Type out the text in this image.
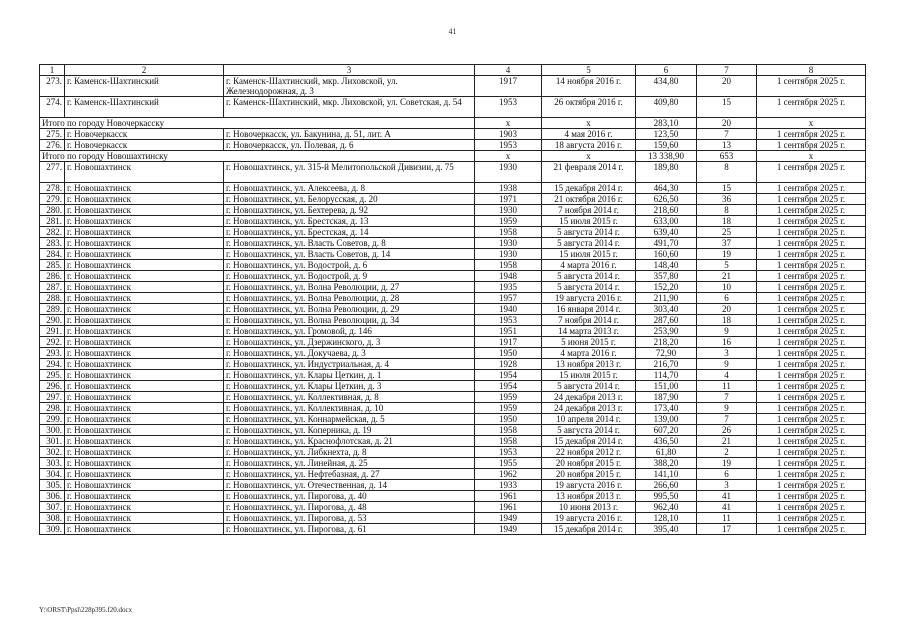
41
1	2	3	4	5	6	7	8
273.	г. Каменск-Шахтинский	г. Каменск-Шахтинский, мкр. Лиховской, ул. Железнодорожная, д. 3	1917	14 ноября 2016 г.	434,80	20	1 сентября 2025 г.
274.	г. Каменск-Шахтинский	г. Каменск-Шахтинский, мкр. Лиховской, ул. Советская, д. 54	1953	26 октября 2016 г.	409,80	15	1 сентября 2025 г.
Итого по городу Новочеркасску			х	х	283,10	20	х
275.	г. Новочеркасск	г. Новочеркасск, ул. Бакунина, д. 51, лит. А	1903	4 мая 2016 г.	123,50	7	1 сентября 2025 г.
276.	г. Новочеркасск	г. Новочеркасск, ул. Полевая, д. 6	1953	18 августа 2016 г.	159,60	13	1 сентября 2025 г.
Итого по городу Новошахтинску			х	х	13 338,90	653	х
277.	г. Новошахтинск	г. Новошахтинск, ул. 315-й Мелитопольской Дивизии, д. 75	1930	21 февраля 2014 г.	189,80	8	1 сентября 2025 г.
278.	г. Новошахтинск	г. Новошахтинск, ул. Алексеева, д. 8	1938	15 декабря 2014 г.	464,30	15	1 сентября 2025 г.
279.	г. Новошахтинск	г. Новошахтинск, ул. Белорусская, д. 20	1971	21 октября 2016 г.	626,50	36	1 сентября 2025 г.
280.	г. Новошахтинск	г. Новошахтинск, ул. Бехтерева, д. 92	1930	7 ноября 2014 г.	218,60	8	1 сентября 2025 г.
281.	г. Новошахтинск	г. Новошахтинск, ул. Брестская, д. 13	1959	15 июля 2015 г.	633,00	18	1 сентября 2025 г.
282.	г. Новошахтинск	г. Новошахтинск, ул. Брестская, д. 14	1958	5 августа 2014 г.	639,40	25	1 сентября 2025 г.
283.	г. Новошахтинск	г. Новошахтинск, ул. Власть Советов, д. 8	1930	5 августа 2014 г.	491,70	37	1 сентября 2025 г.
284.	г. Новошахтинск	г. Новошахтинск, ул. Власть Советов, д. 14	1930	15 июля 2015 г.	160,60	19	1 сентября 2025 г.
285.	г. Новошахтинск	г. Новошахтинск, ул. Водострой, д. 6	1958	4 марта 2016 г.	148,40	5	1 сентября 2025 г.
286.	г. Новошахтинск	г. Новошахтинск, ул. Водострой, д. 9	1948	5 августа 2014 г.	357,80	21	1 сентября 2025 г.
287.	г. Новошахтинск	г. Новошахтинск, ул. Волна Революции, д. 27	1935	5 августа 2014 г.	152,20	10	1 сентября 2025 г.
288.	г. Новошахтинск	г. Новошахтинск, ул. Волна Революции, д. 28	1957	19 августа 2016 г.	211,90	6	1 сентября 2025 г.
289.	г. Новошахтинск	г. Новошахтинск, ул. Волна Революции, д. 29	1940	16 января 2014 г.	303,40	20	1 сентября 2025 г.
290.	г. Новошахтинск	г. Новошахтинск, ул. Волна Революции, д. 34	1953	7 ноября 2014 г.	287,60	18	1 сентября 2025 г.
291.	г. Новошахтинск	г. Новошахтинск, ул. Громовой, д. 146	1951	14 марта 2013 г.	253,90	9	1 сентября 2025 г.
292.	г. Новошахтинск	г. Новошахтинск, ул. Дзержинского, д. 3	1917	5 июня 2015 г.	218,20	16	1 сентября 2025 г.
293.	г. Новошахтинск	г. Новошахтинск, ул. Докучаева, д. 3	1950	4 марта 2016 г.	72,90	3	1 сентября 2025 г.
294.	г. Новошахтинск	г. Новошахтинск, ул. Индустриальная, д. 4	1928	13 ноября 2013 г.	216,70	9	1 сентября 2025 г.
295.	г. Новошахтинск	г. Новошахтинск, ул. Клары Цеткин, д. 1	1954	15 июля 2015 г.	114,70	4	1 сентября 2025 г.
296.	г. Новошахтинск	г. Новошахтинск, ул. Клары Цеткин, д. 3	1954	5 августа 2014 г.	151,00	11	1 сентября 2025 г.
297.	г. Новошахтинск	г. Новошахтинск, ул. Коллективная, д. 8	1959	24 декабря 2013 г.	187,90	7	1 сентября 2025 г.
298.	г. Новошахтинск	г. Новошахтинск, ул. Коллективная, д. 10	1959	24 декабря 2013 г.	173,40	9	1 сентября 2025 г.
299.	г. Новошахтинск	г. Новошахтинск, ул. Коннармейская, д. 5	1950	10 апреля 2014 г.	139,00	7	1 сентября 2025 г.
300.	г. Новошахтинск	г. Новошахтинск, ул. Коперника, д. 19	1958	5 августа 2014 г.	607,20	26	1 сентября 2025 г.
301.	г. Новошахтинск	г. Новошахтинск, ул. Краснофлотская, д. 21	1958	15 декабря 2014 г.	436,50	21	1 сентября 2025 г.
302.	г. Новошахтинск	г. Новошахтинск, ул. Либкнехта, д. 8	1953	22 ноября 2012 г.	61,80	2	1 сентября 2025 г.
303.	г. Новошахтинск	г. Новошахтинск, ул. Линейная, д. 25	1955	20 ноября 2015 г.	388,20	19	1 сентября 2025 г.
304.	г. Новошахтинск	г. Новошахтинск, ул. Нефтебазная, д. 27	1962	20 ноября 2015 г.	141,10	6	1 сентября 2025 г.
305.	г. Новошахтинск	г. Новошахтинск, ул. Отечественная, д. 14	1933	19 августа 2016 г.	266,60	3	1 сентября 2025 г.
306.	г. Новошахтинск	г. Новошахтинск, ул. Пирогова, д. 40	1961	13 ноября 2013 г.	995,50	41	1 сентября 2025 г.
307.	г. Новошахтинск	г. Новошахтинск, ул. Пирогова, д. 48	1961	10 июня 2013 г.	962,40	41	1 сентября 2025 г.
308.	г. Новошахтинск	г. Новошахтинск, ул. Пирогова, д. 53	1949	19 августа 2016 г.	128,10	11	1 сентября 2025 г.
309.	г. Новошахтинск	г. Новошахтинск, ул. Пирогова, д. 61	1949	15 декабря 2014 г.	395,40	17	1 сентября 2025 г.
Y:\ORST\Ppsl\228p395.f20.docx
